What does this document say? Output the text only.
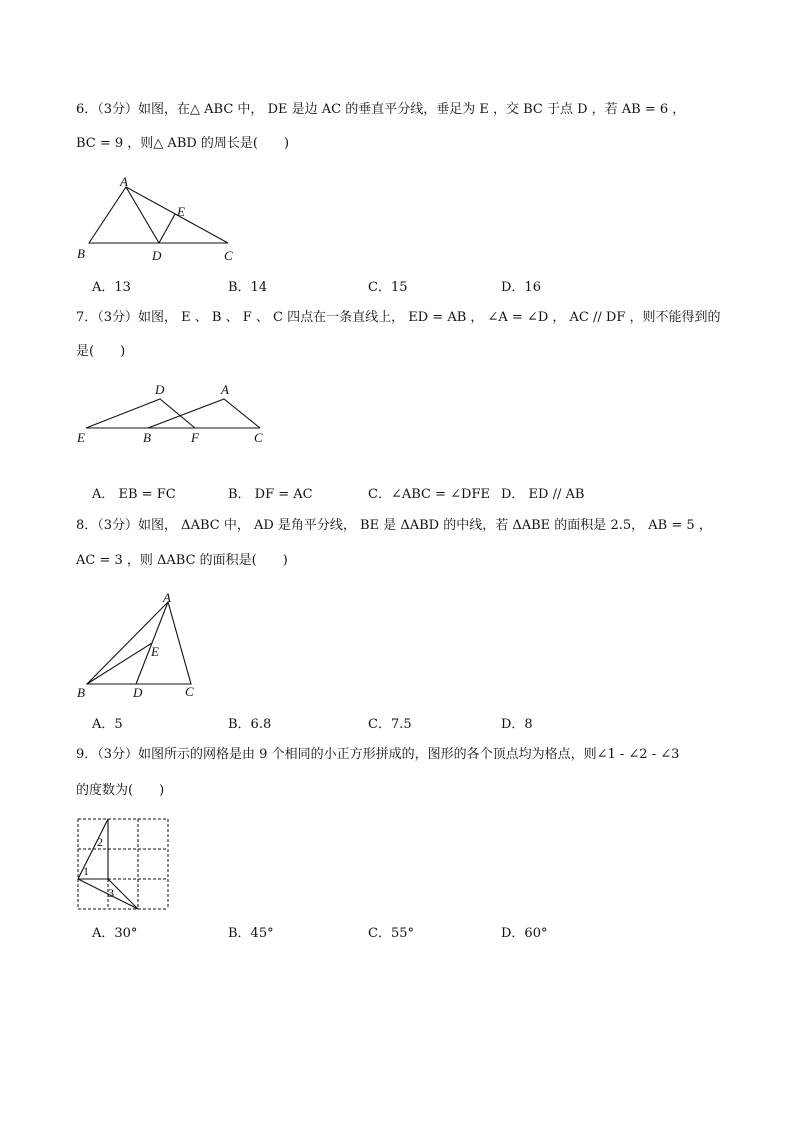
6．（3分）如图，在△ ABC 中， DE 是边 AC 的垂直平分线，垂足为 E ，交 BC 于点 D ，若 AB = 6 ，
BC = 9 ，则△ ABD 的周长是(　　)
A
B	C
D
E
A．13	B．14	C．15	D．16
7．（3分）如图， E 、 B 、 F 、 C 四点在一条直线上， ED = AB ， ∠A = ∠D ， AC // DF ，则不能得到的
是(　　)
D	A
E	B	F	C
A． EB = FC	B． DF = AC	C．∠ABC = ∠DFE D． ED // AB
8．（3分）如图， ΔABC 中， AD 是角平分线， BE 是 ΔABD 的中线，若 ΔABE 的面积是 2.5， AB = 5 ，
AC = 3 ，则 ΔABC 的面积是(　　)
A
B	C
D
E
A．5	B．6.8	C．7.5	D．8
9．（3分）如图所示的网格是由 9 个相同的小正方形拼成的，图形的各个顶点均为格点，则∠1 - ∠2 - ∠3
的度数为(　　)
1
2
3
A．30°	B．45°	C．55°	D．60°
